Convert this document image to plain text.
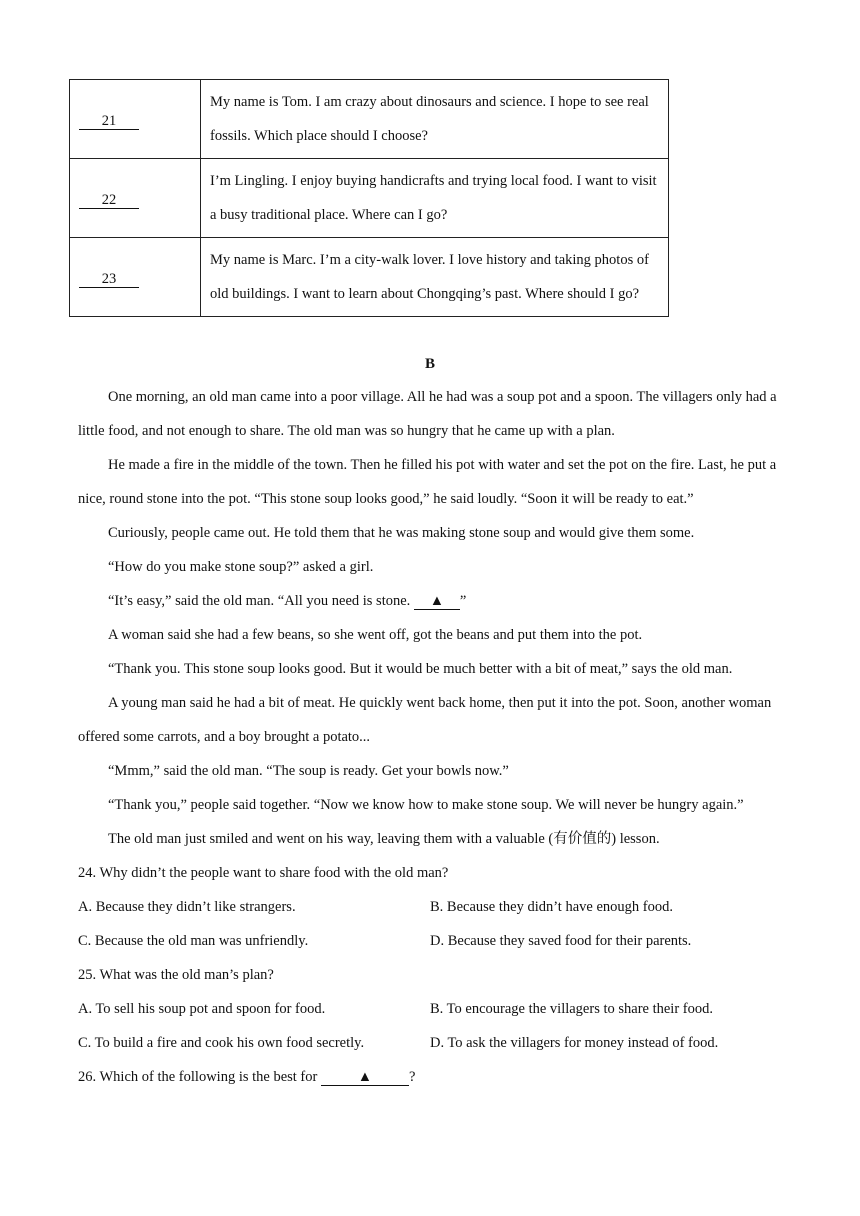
21	My name is Tom. I am crazy about dinosaurs and science. I hope to see real fossils. Which place should I choose?
22	I’m Lingling. I enjoy buying handicrafts and trying local food. I want to visit a busy traditional place. Where can I go?
23	My name is Marc. I’m a city-walk lover. I love history and taking photos of old buildings. I want to learn about Chongqing’s past. Where should I go?
B

One morning, an old man came into a poor village. All he had was a soup pot and a spoon. The villagers only had a little food, and not enough to share. The old man was so hungry that he came up with a plan.

He made a fire in the middle of the town. Then he filled his pot with water and set the pot on the fire. Last, he put a nice, round stone into the pot. “This stone soup looks good,” he said loudly. “Soon it will be ready to eat.”

Curiously, people came out. He told them that he was making stone soup and would give them some.

“How do you make stone soup?” asked a girl.

“It’s easy,” said the old man. “All you need is stone. ▲ ”

A woman said she had a few beans, so she went off, got the beans and put them into the pot.

“Thank you. This stone soup looks good. But it would be much better with a bit of meat,” says the old man.

A young man said he had a bit of meat. He quickly went back home, then put it into the pot. Soon, another woman offered some carrots, and a boy brought a potato...

“Mmm,” said the old man. “The soup is ready. Get your bowls now.”

“Thank you,” people said together. “Now we know how to make stone soup. We will never be hungry again.”

The old man just smiled and went on his way, leaving them with a valuable (有价值的) lesson.

24. Why didn’t the people want to share food with the old man?

A. Because they didn’t like strangers.	B. Because they didn’t have enough food.
C. Because the old man was unfriendly.	D. Because they saved food for their parents.

25. What was the old man’s plan?

A. To sell his soup pot and spoon for food.	B. To encourage the villagers to share their food.
C. To build a fire and cook his own food secretly.	D. To ask the villagers for money instead of food.

26. Which of the following is the best for	▲	?
